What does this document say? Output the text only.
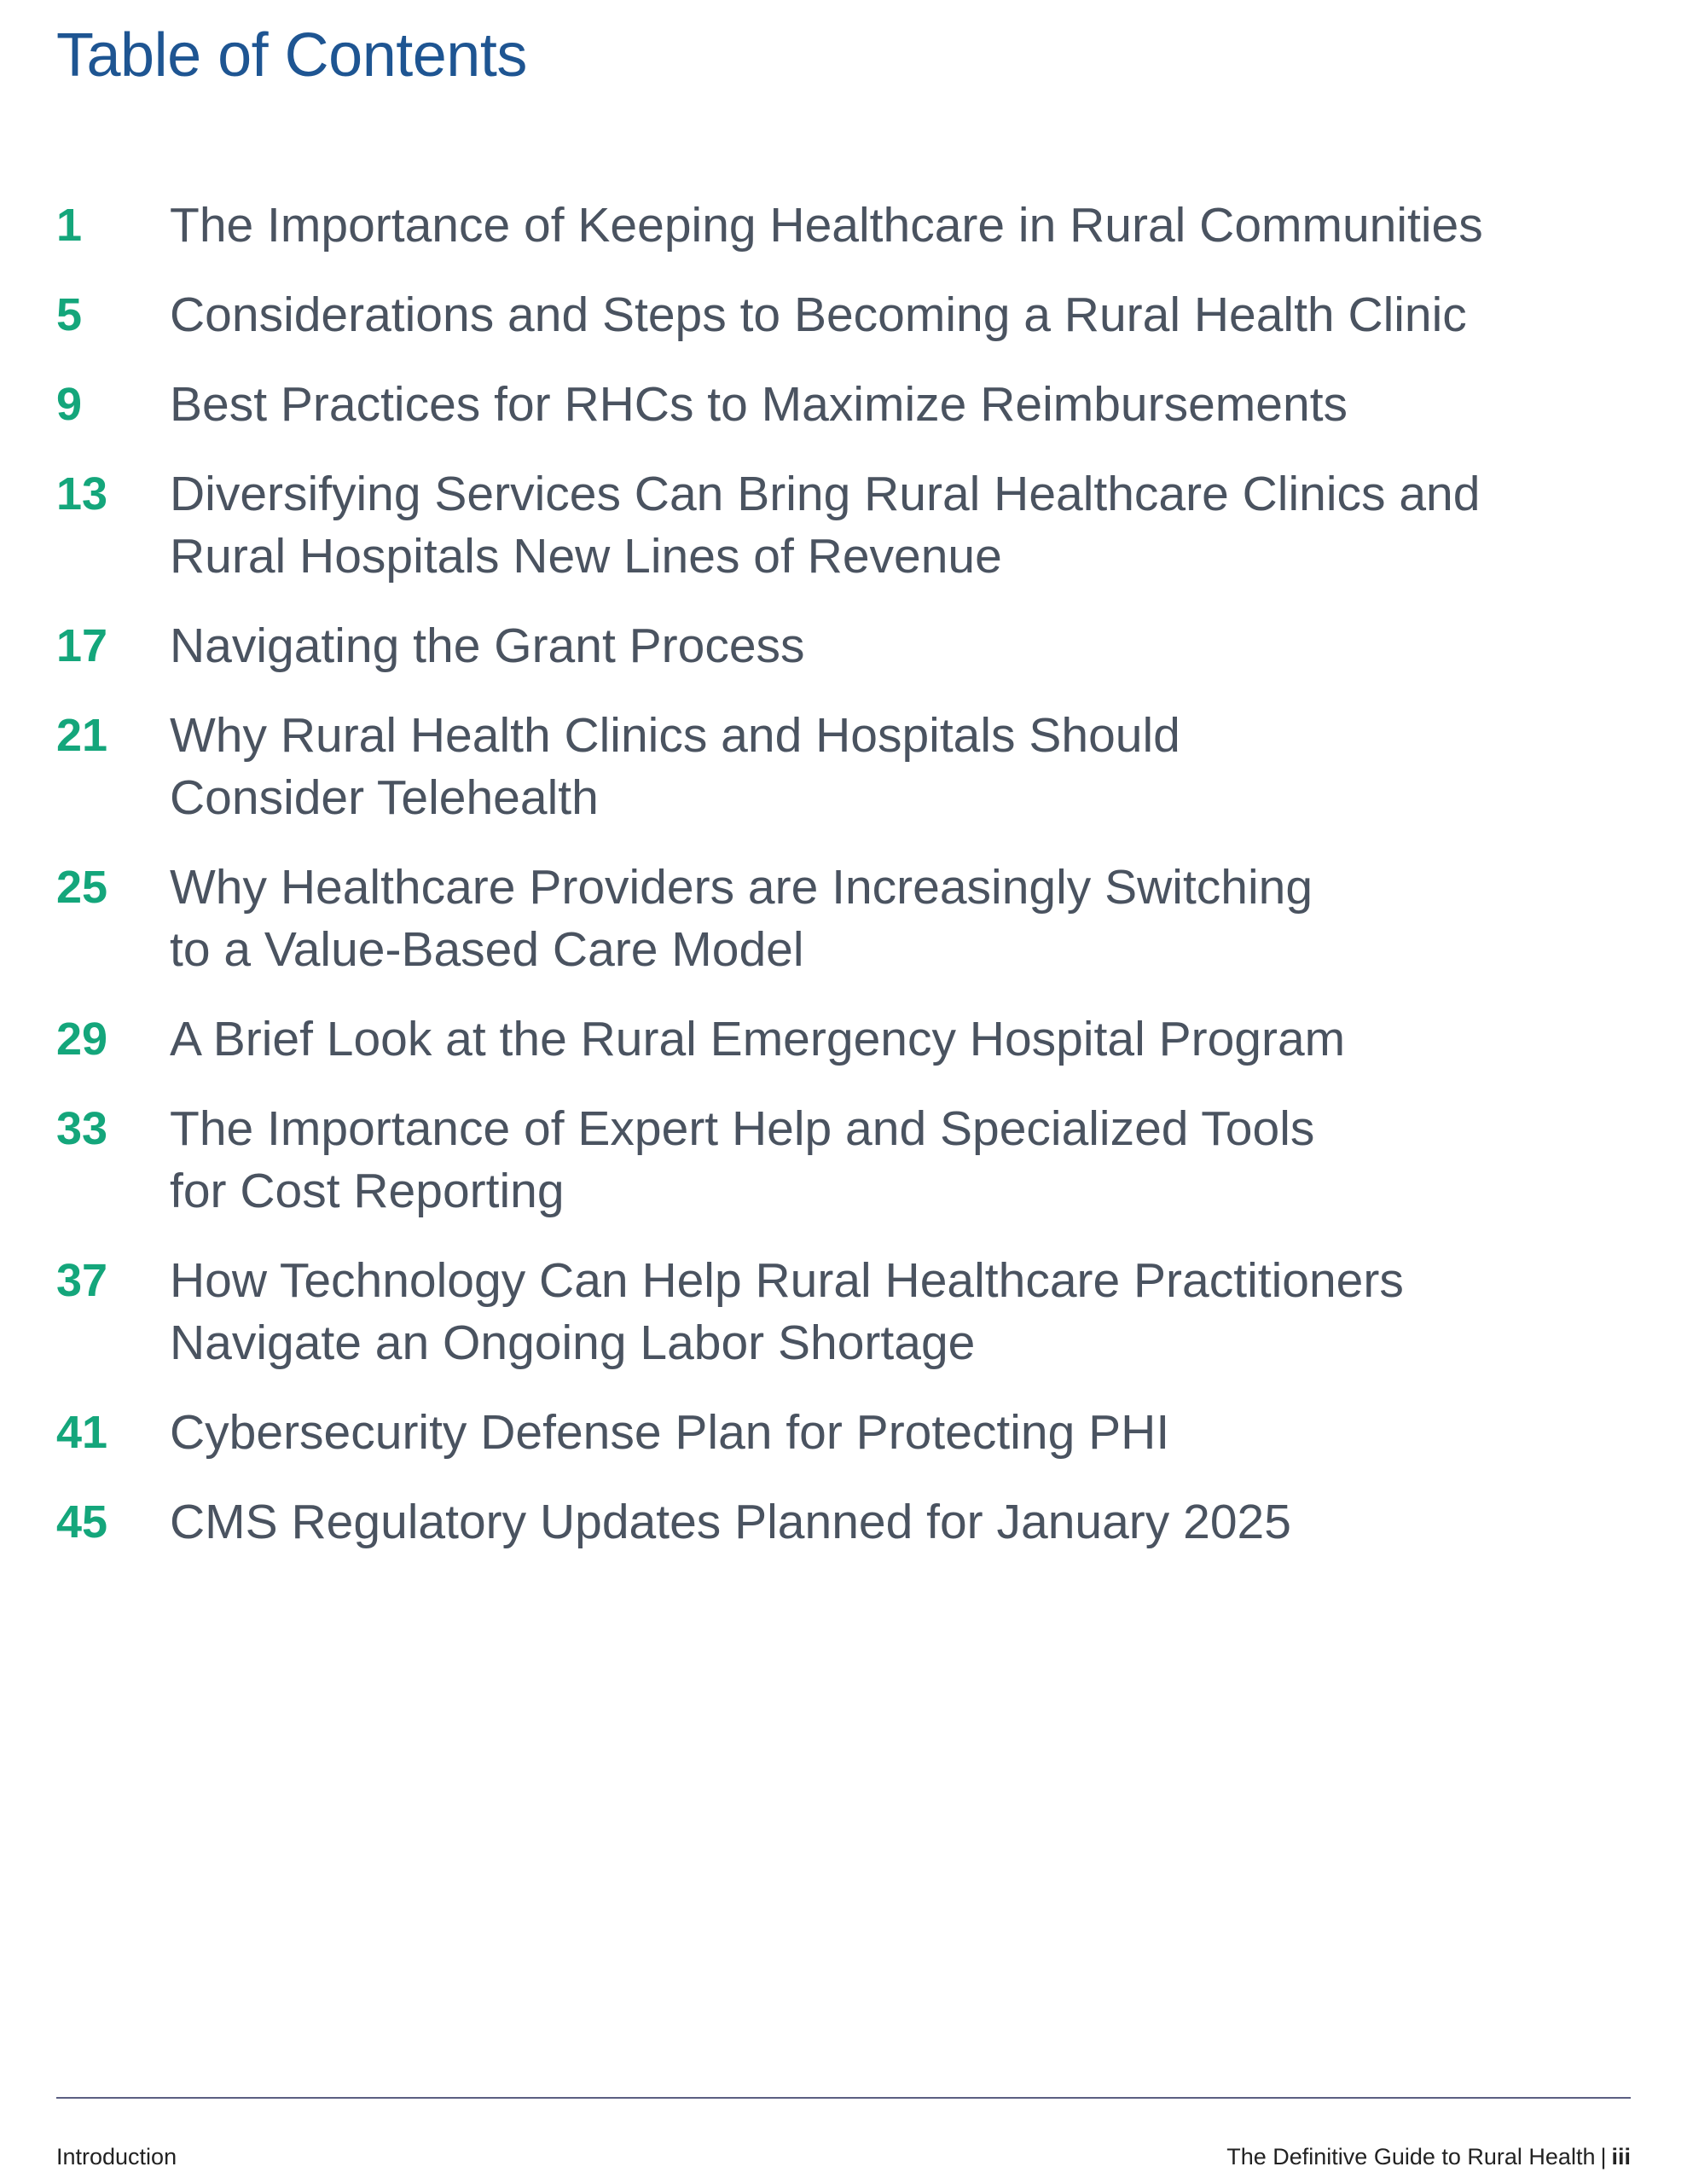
Table of Contents
1	The Importance of Keeping Healthcare in Rural Communities
5	Considerations and Steps to Becoming a Rural Health Clinic
9	Best Practices for RHCs to Maximize Reimbursements
13	Diversifying Services Can Bring Rural Healthcare Clinics and
Rural Hospitals New Lines of Revenue
17	Navigating the Grant Process
21	Why Rural Health Clinics and Hospitals Should
Consider Telehealth
25	Why Healthcare Providers are Increasingly Switching
to a Value-Based Care Model
29	A Brief Look at the Rural Emergency Hospital Program
33	The Importance of Expert Help and Specialized Tools
for Cost Reporting
37	How Technology Can Help Rural Healthcare Practitioners
Navigate an Ongoing Labor Shortage
41	Cybersecurity Defense Plan for Protecting PHI
45	CMS Regulatory Updates Planned for January 2025
Introduction	The Definitive Guide to Rural Health | iii
